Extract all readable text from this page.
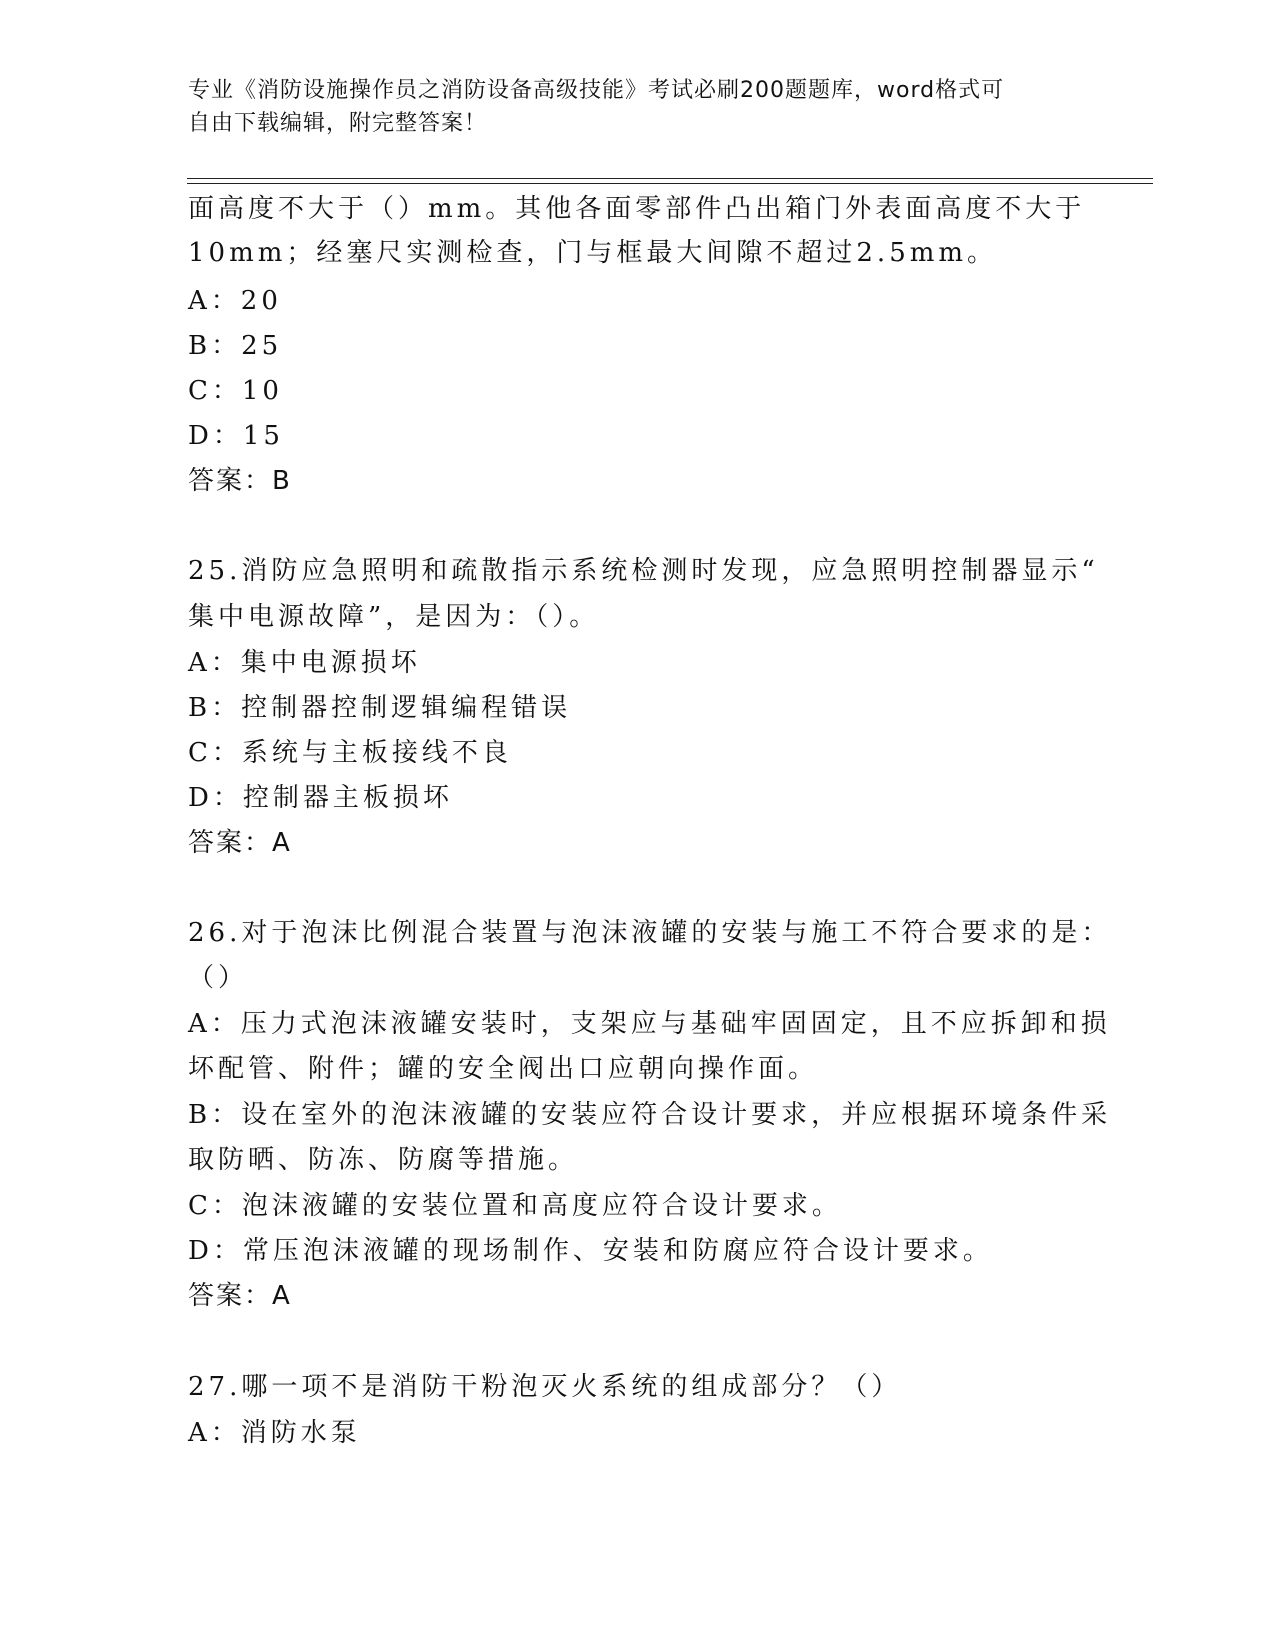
专业《消防设施操作员之消防设备高级技能》考试必刷200题题库，word格式可
自由下载编辑，附完整答案！
面高度不大于（）mm。其他各面零部件凸出箱门外表面高度不大于
10mm；经塞尺实测检查，门与框最大间隙不超过2.5mm。
A：20
B：25
C：10
D：15
答案：B
25.消防应急照明和疏散指示系统检测时发现，应急照明控制器显示“
集中电源故障”，是因为：（）。
A：集中电源损坏
B：控制器控制逻辑编程错误
C：系统与主板接线不良
D：控制器主板损坏
答案：A
26.对于泡沫比例混合装置与泡沫液罐的安装与施工不符合要求的是：
（）
A：压力式泡沫液罐安装时，支架应与基础牢固固定，且不应拆卸和损
坏配管、附件；罐的安全阀出口应朝向操作面。
B：设在室外的泡沫液罐的安装应符合设计要求，并应根据环境条件采
取防晒、防冻、防腐等措施。
C：泡沫液罐的安装位置和高度应符合设计要求。
D：常压泡沫液罐的现场制作、安装和防腐应符合设计要求。
答案：A
27.哪一项不是消防干粉泡灭火系统的组成部分？（）
A：消防水泵
